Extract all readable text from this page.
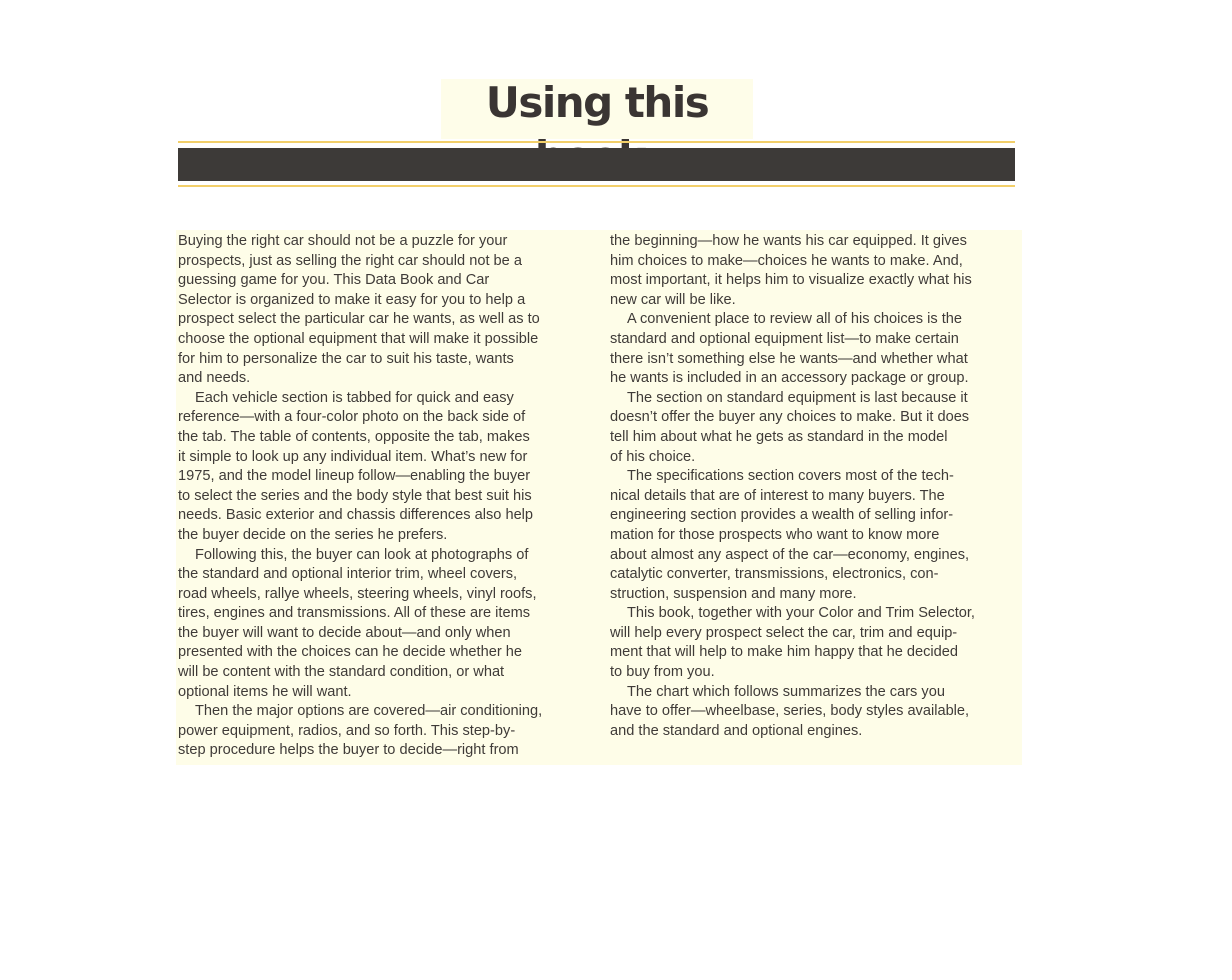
Using this
Buying the right car should not be a puzzle for your
prospects, just as selling the right car should not be a
guessing game for you. This Data Book and Car
Selector is organized to make it easy for you to help a
prospect select the particular car he wants, as well as to
choose the optional equipment that will make it possible
for him to personalize the car to suit his taste, wants
and needs.
Each vehicle section is tabbed for quick and easy
reference—with a four-color photo on the back side of
the tab. The table of contents, opposite the tab, makes
it simple to look up any individual item. What’s new for
1975, and the model lineup follow—enabling the buyer
to select the series and the body style that best suit his
needs. Basic exterior and chassis differences also help
the buyer decide on the series he prefers.
Following this, the buyer can look at photographs of
the standard and optional interior trim, wheel covers,
road wheels, rallye wheels, steering wheels, vinyl roofs,
tires, engines and transmissions. All of these are items
the buyer will want to decide about—and only when
presented with the choices can he decide whether he
will be content with the standard condition, or what
optional items he will want.
Then the major options are covered—air conditioning,
power equipment, radios, and so forth. This step-by-
step procedure helps the buyer to decide—right from
the beginning—how he wants his car equipped. It gives
him choices to make—choices he wants to make. And,
most important, it helps him to visualize exactly what his
new car will be like.
A convenient place to review all of his choices is the
standard and optional equipment list—to make certain
there isn’t something else he wants—and whether what
he wants is included in an accessory package or group.
The section on standard equipment is last because it
doesn’t offer the buyer any choices to make. But it does
tell him about what he gets as standard in the model
of his choice.
The specifications section covers most of the tech-
nical details that are of interest to many buyers. The
engineering section provides a wealth of selling infor-
mation for those prospects who want to know more
about almost any aspect of the car—economy, engines,
catalytic converter, transmissions, electronics, con-
struction, suspension and many more.
This book, together with your Color and Trim Selector,
will help every prospect select the car, trim and equip-
ment that will help to make him happy that he decided
to buy from you.
The chart which follows summarizes the cars you
have to offer—wheelbase, series, body styles available,
and the standard and optional engines.
